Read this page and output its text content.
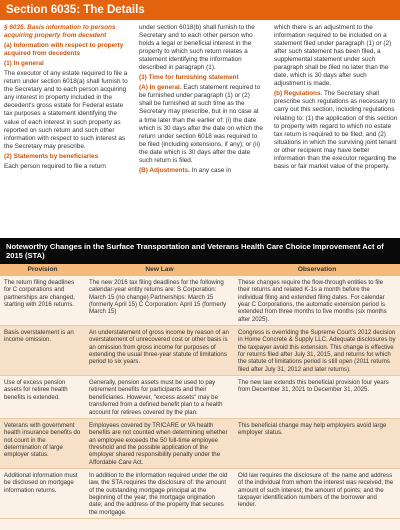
Section 6035: The Details

§ 6035. Basis information to persons acquiring property from decedent

(a) Information with respect to property acquired from decedents

(1) In general

The executor of any estate required to file a return under section 6018(a) shall furnish to the Secretary and to each person acquiring any interest in property included in the decedent's gross estate for Federal estate tax purposes a statement identifying the value of each interest in such property as reported on such return and such other information with respect to such interest as the Secretary may prescribe.

(2) Statements by beneficiaries

Each person required to file a return

under section 6018(b) shall furnish to the Secretary and to each other person who holds a legal or beneficial interest in the property to which such return relates a statement identifying the information described in paragraph (1).

(3) Time for furnishing statement

(A) In general. Each statement required to be furnished under paragraph (1) or (2) shall be furnished at such time as the Secretary may prescribe, but in no case at a time later than the earlier of: (i) the date which is 30 days after the date on which the return under section 6018 was required to be filed (including extensions, if any); or (ii) the date which is 30 days after the date such return is filed.

(B) Adjustments. In any case in

which there is an adjustment to the information required to be included on a statement filed under paragraph (1) or (2) after such statement has been filed, a supplemental statement under such paragraph shall be filed no later than the date, which is 30 days after such adjustment is made.

(b) Regulations. The Secretary shall prescribe such regulations as necessary to carry out this section, including regulations relating to: (1) the application of this section to property with regard to which no estate tax return is required to be filed; and (2) situations in which the surviving joint tenant or other recipient may have better information than the executor regarding the basis or fair market value of the property.

Noteworthy Changes in the Surface Transportation and Veterans Health Care Choice Improvement Act of 2015 (STA)
Provision	New Law	Observation
The return filing deadlines for C corporations and partnerships are changed, starting with 2016 returns.
The new 2016 tax filing deadlines for the following calendar-year entity returns are: S Corporation: March 15 (no change) Partnerships: March 15 (formerly April 15) C Corporation: April 15 (formerly March 15)
These changes require the flow-through entities to file their returns and related K-1s a month before the individual filing and extended filing dates. For calendar year C Corporations, the automatic extension period is extended from three months to five months (six months after 2025).
Basis overstatement is an income omission.
An understatement of gross income by reason of an overstatement of unrecovered cost or other basis is an omission from gross income for purposes of extending the usual three-year statute of limitations period to six years.
Congress is overriding the Supreme Court's 2012 decision in Home Concrete & Supply LLC. Adequate disclosures by the taxpayer avoid this extension. This change is effective for returns filed after July 31, 2015, and returns for which the statute of limitations period is still open (2011 returns filed after July 31, 2012 and later returns).
Use of excess pension assets for retiree health benefits is extended.
Generally, pension assets must be used to pay retirement benefits for participants and their beneficiaries. However, "excess assets" may be transferred from a defined benefit plan to a health account for retirees covered by the plan.
The new law extends this beneficial provision four years from December 31, 2021 to December 31, 2025.
Veterans with government health insurance benefits do not count in the determination of large employer status.
Employees covered by TRICARE or VA health benefits are not counted when determining whether an employee exceeds the 50 full-time employee threshold and the possible application of the employer shared responsibility penalty under the Affordable Care Act.
This beneficial change may help employers avoid large employer status.
Additional information must be disclosed on mortgage information returns.
In addition to the information required under the old law, the STA requires the disclosure of: the amount of the outstanding mortgage principal at the beginning of the year; the mortgage origination date; and the address of the property that secures the mortgage.
Old law requires the disclosure of: the name and address of the individual from whom the interest was received; the amount of such interest; the amount of points; and the taxpayer identification numbers of the borrower and lender.
